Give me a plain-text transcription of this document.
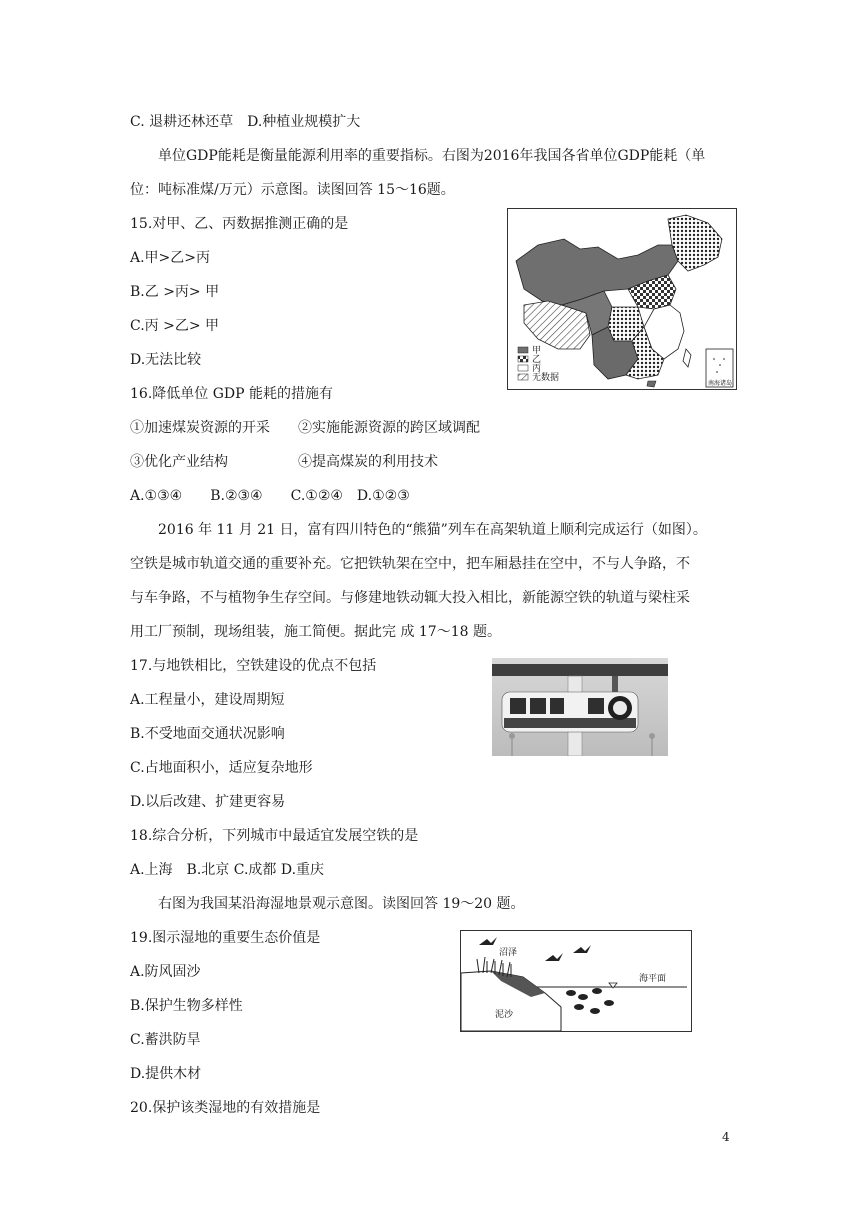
C. 退耕还林还草　D.种植业规模扩大
单位GDP能耗是衡量能源利用率的重要指标。右图为2016年我国各省单位GDP能耗（单
位：吨标准煤/万元）示意图。读图回答 15～16题。
15.对甲、乙、丙数据推测正确的是
A.甲>乙>丙
B.乙 >丙> 甲
C.丙 >乙> 甲
D.无法比较
16.降低单位 GDP 能耗的措施有
①加速煤炭资源的开采　　②实施能源资源的跨区域调配
③优化产业结构　　　　　④提高煤炭的利用技术
A.①③④　　B.②③④　　C.①②④　D.①②③
2016 年 11 月 21 日，富有四川特色的“熊猫”列车在高架轨道上顺利完成运行（如图）。
空铁是城市轨道交通的重要补充。它把铁轨架在空中，把车厢悬挂在空中，不与人争路，不
与车争路，不与植物争生存空间。与修建地铁动辄大投入相比，新能源空铁的轨道与梁柱采
用工厂预制，现场组装，施工简便。据此完 成 17～18 题。
17.与地铁相比，空铁建设的优点不包括
A.工程量小，建设周期短
B.不受地面交通状况影响
C.占地面积小，适应复杂地形
D.以后改建、扩建更容易
18.综合分析，下列城市中最适宜发展空铁的是
A.上海　B.北京 C.成都 D.重庆
右图为我国某沿海湿地景观示意图。读图回答 19～20 题。
19.图示湿地的重要生态价值是
A.防风固沙
B.保护生物多样性
C.蓄洪防旱
D.提供木材
20.保护该类湿地的有效措施是
甲
乙
丙
无数据
南海诸岛
海平面
泥沙
沼泽
4
